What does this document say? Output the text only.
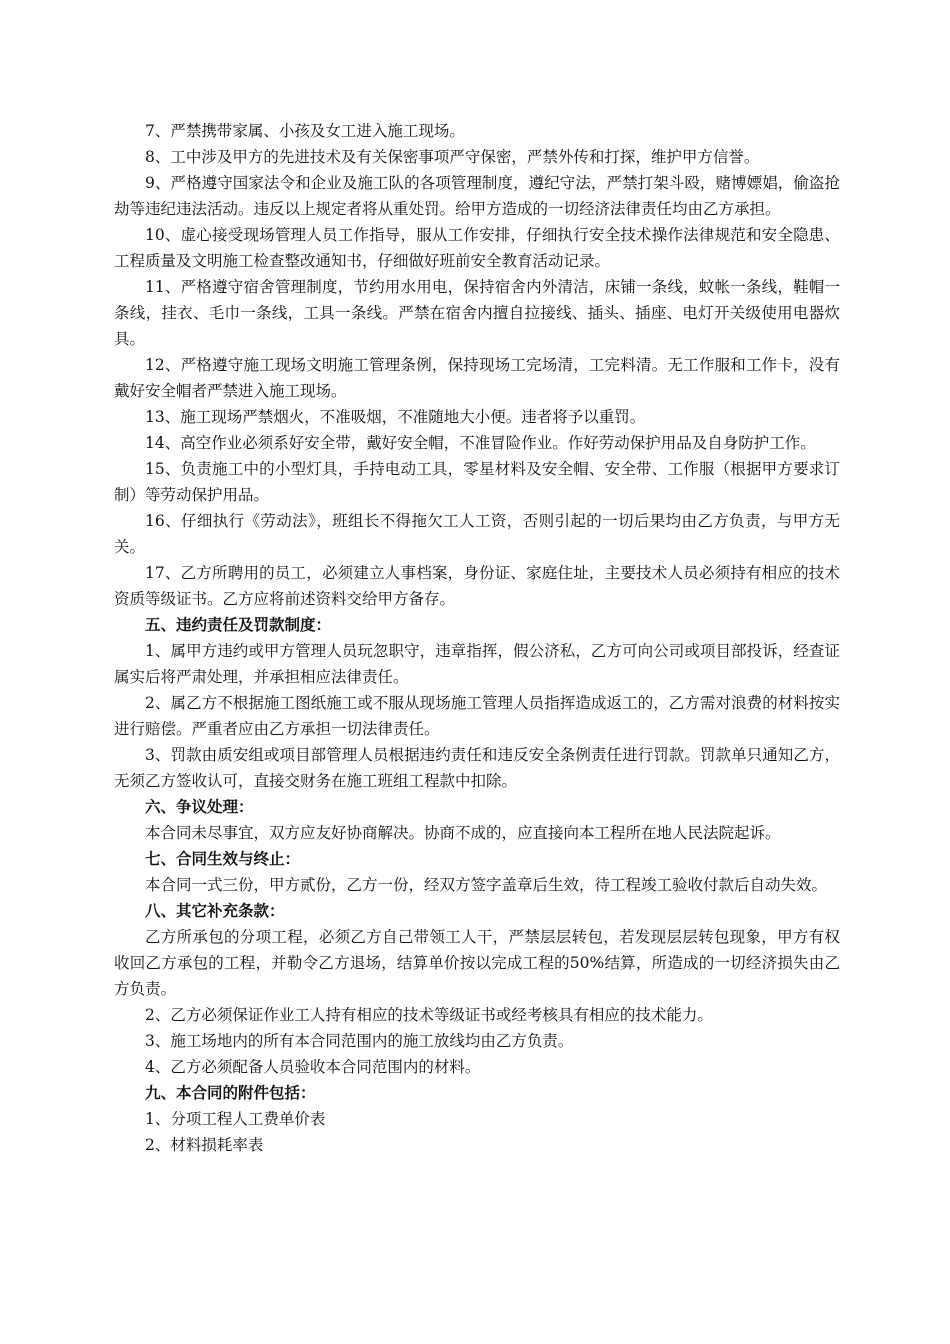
7、严禁携带家属、小孩及女工进入施工现场。

8、工中涉及甲方的先进技术及有关保密事项严守保密，严禁外传和打探，维护甲方信誉。

9、严格遵守国家法令和企业及施工队的各项管理制度，遵纪守法，严禁打架斗殴，赌博嫖娼，偷盗抢劫等违纪违法活动。违反以上规定者将从重处罚。给甲方造成的一切经济法律责任均由乙方承担。

10、虚心接受现场管理人员工作指导，服从工作安排，仔细执行安全技术操作法律规范和安全隐患、工程质量及文明施工检查整改通知书，仔细做好班前安全教育活动记录。

11、严格遵守宿舍管理制度，节约用水用电，保持宿舍内外清洁，床铺一条线，蚊帐一条线，鞋帽一条线，挂衣、毛巾一条线，工具一条线。严禁在宿舍内擅自拉接线、插头、插座、电灯开关级使用电器炊具。

12、严格遵守施工现场文明施工管理条例，保持现场工完场清，工完料清。无工作服和工作卡，没有戴好安全帽者严禁进入施工现场。

13、施工现场严禁烟火，不准吸烟，不准随地大小便。违者将予以重罚。

14、高空作业必须系好安全带，戴好安全帽，不准冒险作业。作好劳动保护用品及自身防护工作。

15、负责施工中的小型灯具，手持电动工具，零星材料及安全帽、安全带、工作服（根据甲方要求订制）等劳动保护用品。

16、仔细执行《劳动法》，班组长不得拖欠工人工资，否则引起的一切后果均由乙方负责，与甲方无关。

17、乙方所聘用的员工，必须建立人事档案，身份证、家庭住址，主要技术人员必须持有相应的技术资质等级证书。乙方应将前述资料交给甲方备存。

五、违约责任及罚款制度：

1、属甲方违约或甲方管理人员玩忽职守，违章指挥，假公济私，乙方可向公司或项目部投诉，经查证属实后将严肃处理，并承担相应法律责任。

2、属乙方不根据施工图纸施工或不服从现场施工管理人员指挥造成返工的，乙方需对浪费的材料按实进行赔偿。严重者应由乙方承担一切法律责任。

3、罚款由质安组或项目部管理人员根据违约责任和违反安全条例责任进行罚款。罚款单只通知乙方，无须乙方签收认可，直接交财务在施工班组工程款中扣除。

六、争议处理：

本合同未尽事宜，双方应友好协商解决。协商不成的，应直接向本工程所在地人民法院起诉。

七、合同生效与终止：

本合同一式三份，甲方贰份，乙方一份，经双方签字盖章后生效，待工程竣工验收付款后自动失效。

八、其它补充条款：

乙方所承包的分项工程，必须乙方自己带领工人干，严禁层层转包，若发现层层转包现象，甲方有权收回乙方承包的工程，并勒令乙方退场，结算单价按以完成工程的50%结算，所造成的一切经济损失由乙方负责。

2、乙方必须保证作业工人持有相应的技术等级证书或经考核具有相应的技术能力。

3、施工场地内的所有本合同范围内的施工放线均由乙方负责。

4、乙方必须配备人员验收本合同范围内的材料。

九、本合同的附件包括：

1、分项工程人工费单价表

2、材料损耗率表
